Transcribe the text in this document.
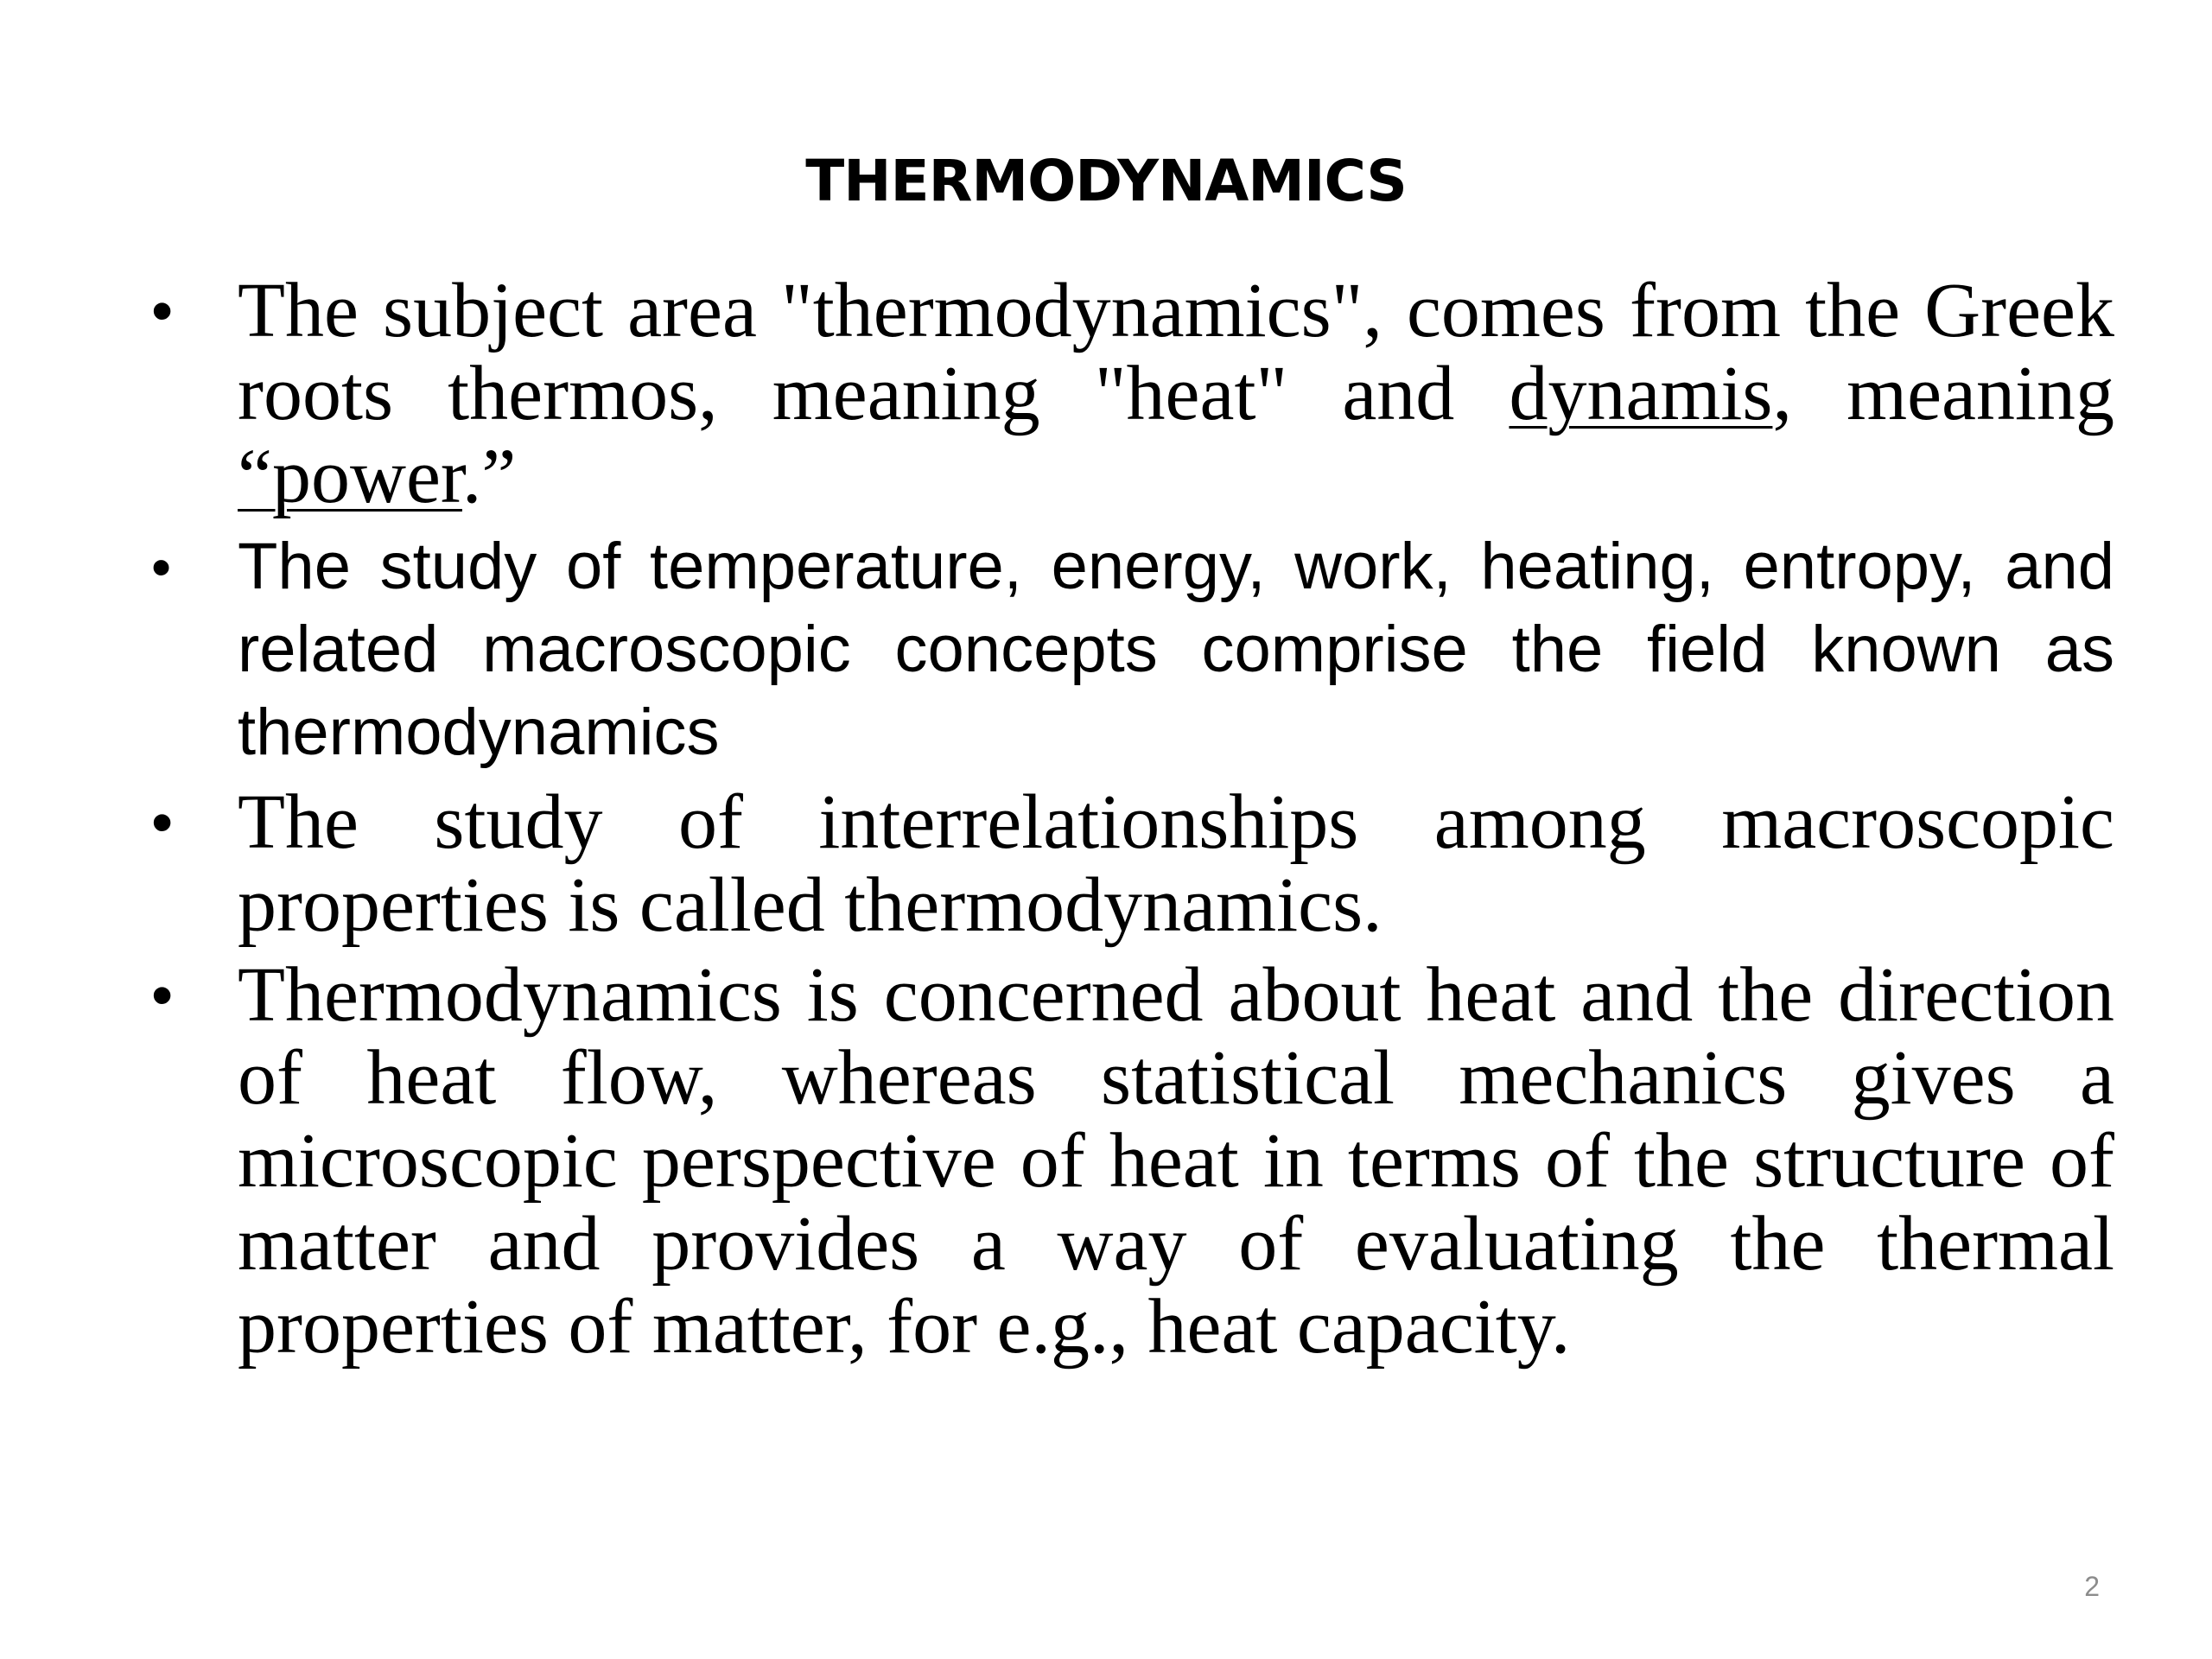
THERMODYNAMICS
• The subject area "thermodynamics", comes from the Greek roots thermos, meaning "heat" and dynamis, meaning “power.”
• The study of temperature, energy, work, heating, entropy, and related macroscopic concepts comprise the field known as thermodynamics
• The study of interrelationships among macroscopic properties is called thermodynamics.
• Thermodynamics is concerned about heat and the direction of heat flow, whereas statistical mechanics gives a microscopic perspective of heat in terms of the structure of matter and provides a way of evaluating the thermal properties of matter, for e.g., heat capacity.
2
